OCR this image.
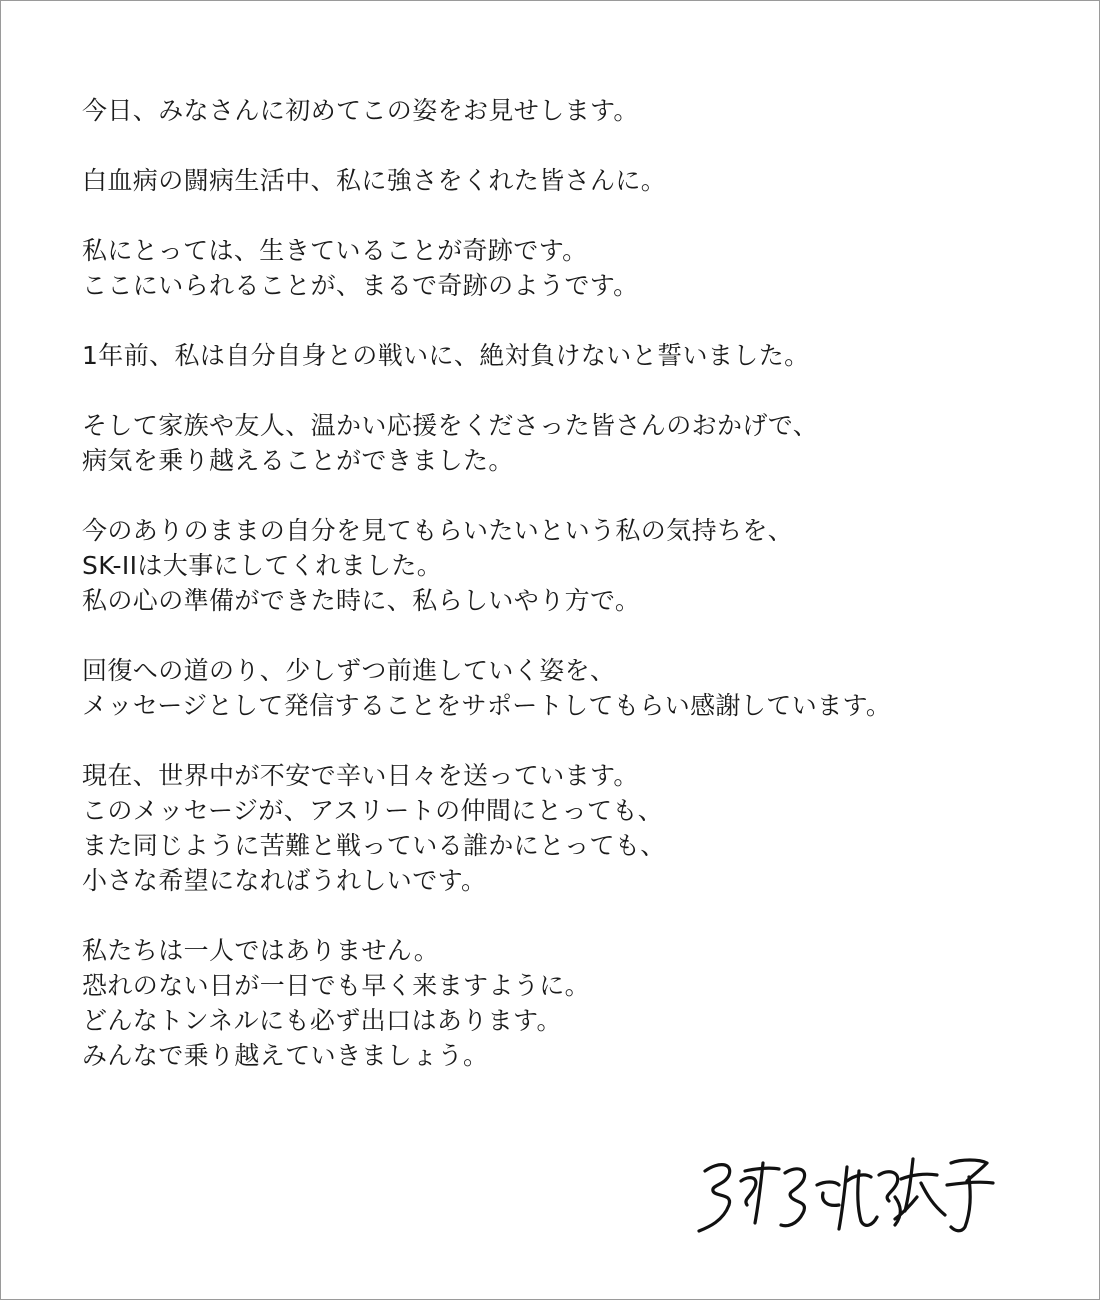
今日、みなさんに初めてこの姿をお見せします。
白血病の闘病生活中、私に強さをくれた皆さんに。
私にとっては、生きていることが奇跡です。
ここにいられることが、まるで奇跡のようです。
1年前、私は自分自身との戦いに、絶対負けないと誓いました。
そして家族や友人、温かい応援をくださった皆さんのおかげで、
病気を乗り越えることができました。
今のありのままの自分を見てもらいたいという私の気持ちを、
SK-IIは大事にしてくれました。
私の心の準備ができた時に、私らしいやり方で。
回復への道のり、少しずつ前進していく姿を、
メッセージとして発信することをサポートしてもらい感謝しています。
現在、世界中が不安で辛い日々を送っています。
このメッセージが、アスリートの仲間にとっても、
また同じように苦難と戦っている誰かにとっても、
小さな希望になればうれしいです。
私たちは一人ではありません。
恐れのない日が一日でも早く来ますように。
どんなトンネルにも必ず出口はあります。
みんなで乗り越えていきましょう。
